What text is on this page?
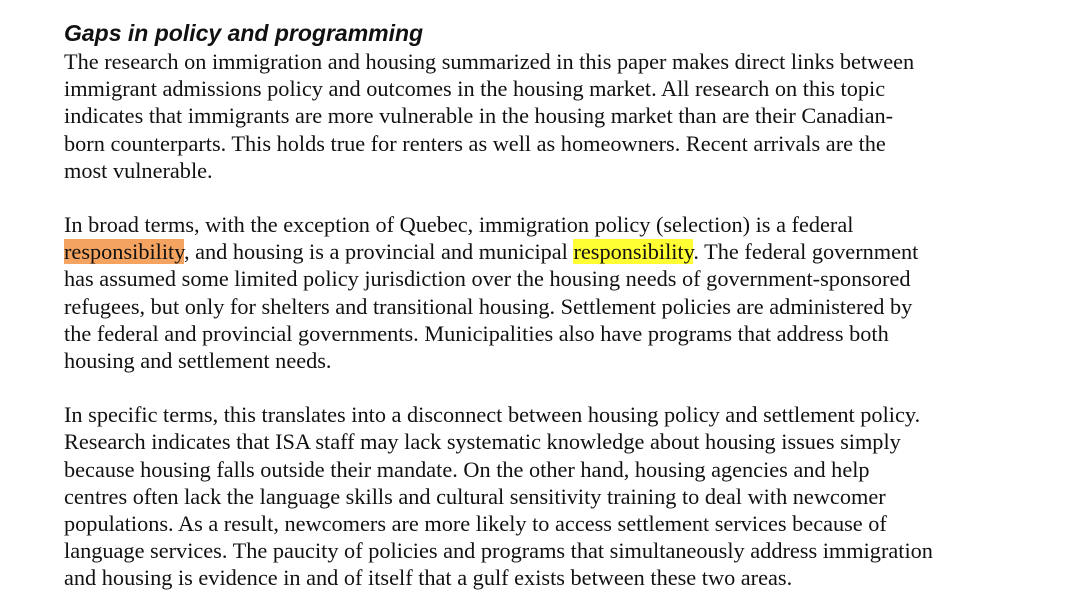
Gaps in policy and programming

The research on immigration and housing summarized in this paper makes direct links between
immigrant admissions policy and outcomes in the housing market. All research on this topic
indicates that immigrants are more vulnerable in the housing market than are their Canadian-
born counterparts. This holds true for renters as well as homeowners. Recent arrivals are the
most vulnerable.

In broad terms, with the exception of Quebec, immigration policy (selection) is a federal
responsibility, and housing is a provincial and municipal responsibility. The federal government
has assumed some limited policy jurisdiction over the housing needs of government-sponsored
refugees, but only for shelters and transitional housing. Settlement policies are administered by
the federal and provincial governments. Municipalities also have programs that address both
housing and settlement needs.

In specific terms, this translates into a disconnect between housing policy and settlement policy.
Research indicates that ISA staff may lack systematic knowledge about housing issues simply
because housing falls outside their mandate. On the other hand, housing agencies and help
centres often lack the language skills and cultural sensitivity training to deal with newcomer
populations. As a result, newcomers are more likely to access settlement services because of
language services. The paucity of policies and programs that simultaneously address immigration
and housing is evidence in and of itself that a gulf exists between these two areas.
